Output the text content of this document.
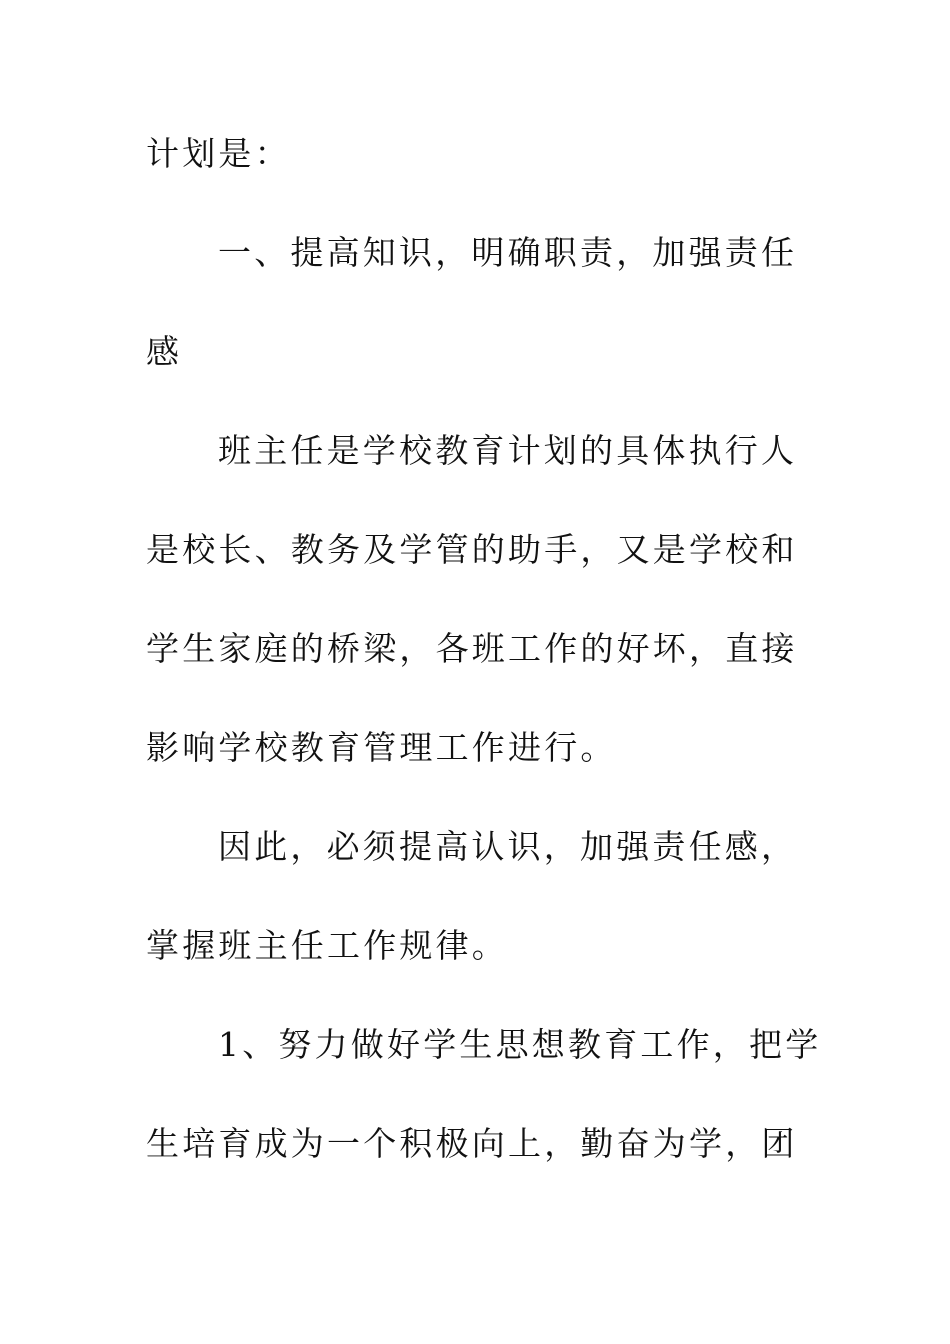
计划是：
一、提高知识，明确职责，加强责任
感
班主任是学校教育计划的具体执行人
是校长、教务及学管的助手，又是学校和
学生家庭的桥梁，各班工作的好坏，直接
影响学校教育管理工作进行。
因此，必须提高认识，加强责任感，
掌握班主任工作规律。
1、努力做好学生思想教育工作，把学
生培育成为一个积极向上，勤奋为学，团
